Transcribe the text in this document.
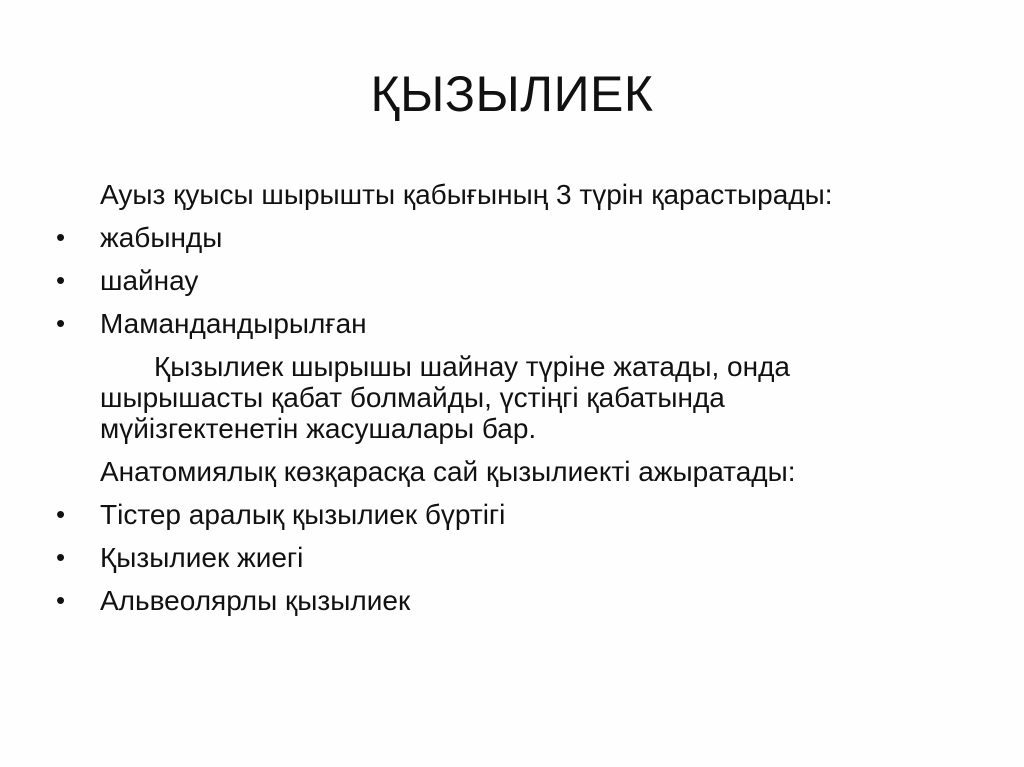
ҚЫЗЫЛИЕК
Ауыз қуысы шырышты қабығының 3 түрін қарастырады:
•	жабынды
•	шайнау
•	Мамандандырылған
Қызылиек шырышы шайнау түріне жатады, онда
шырышасты қабат болмайды, үстіңгі қабатында
мүйізгектенетін жасушалары бар.
Анатомиялық көзқарасқа сай қызылиекті ажыратады:
•	Тістер аралық қызылиек бүртігі
•	Қызылиек жиегі
•	Альвеолярлы қызылиек
